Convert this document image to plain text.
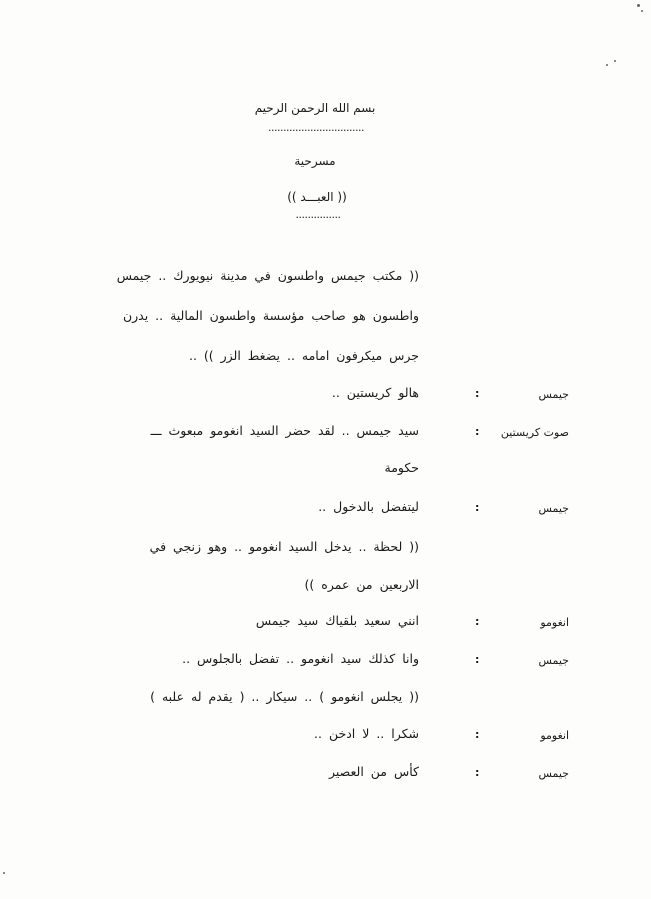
بسم الله الرحمن الرحيم
................................
مسرحية
(( العبـــد ))
...............
(( مكتب جيمس واطسون في مدينة نيويورك .. جيمس
واطسون هو صاحب مؤسسة واطسون المالية .. يدرن
جرس ميكرفون امامه .. يضغط الزر )) ..
جيمس
:
هالو كريستين ..
صوت كريستين
:
سيد جيمس .. لقد حضر السيد انغومو مبعوث ـــ
حكومة
جيمس
:
ليتفضل بالدخول ..
(( لحظة .. يدخل السيد انغومو .. وهو زنجي في
الاربعين من عمره ))
انغومو
:
انني سعيد بلقياك سيد جيمس
جيمس
:
وانا كذلك سيد انغومو .. تفضل بالجلوس ..
(( يجلس انغومو ) .. سيكار .. ( يقدم له علبه )
انغومو
:
شكرا .. لا ادخن ..
جيمس
:
كأس من العصير
